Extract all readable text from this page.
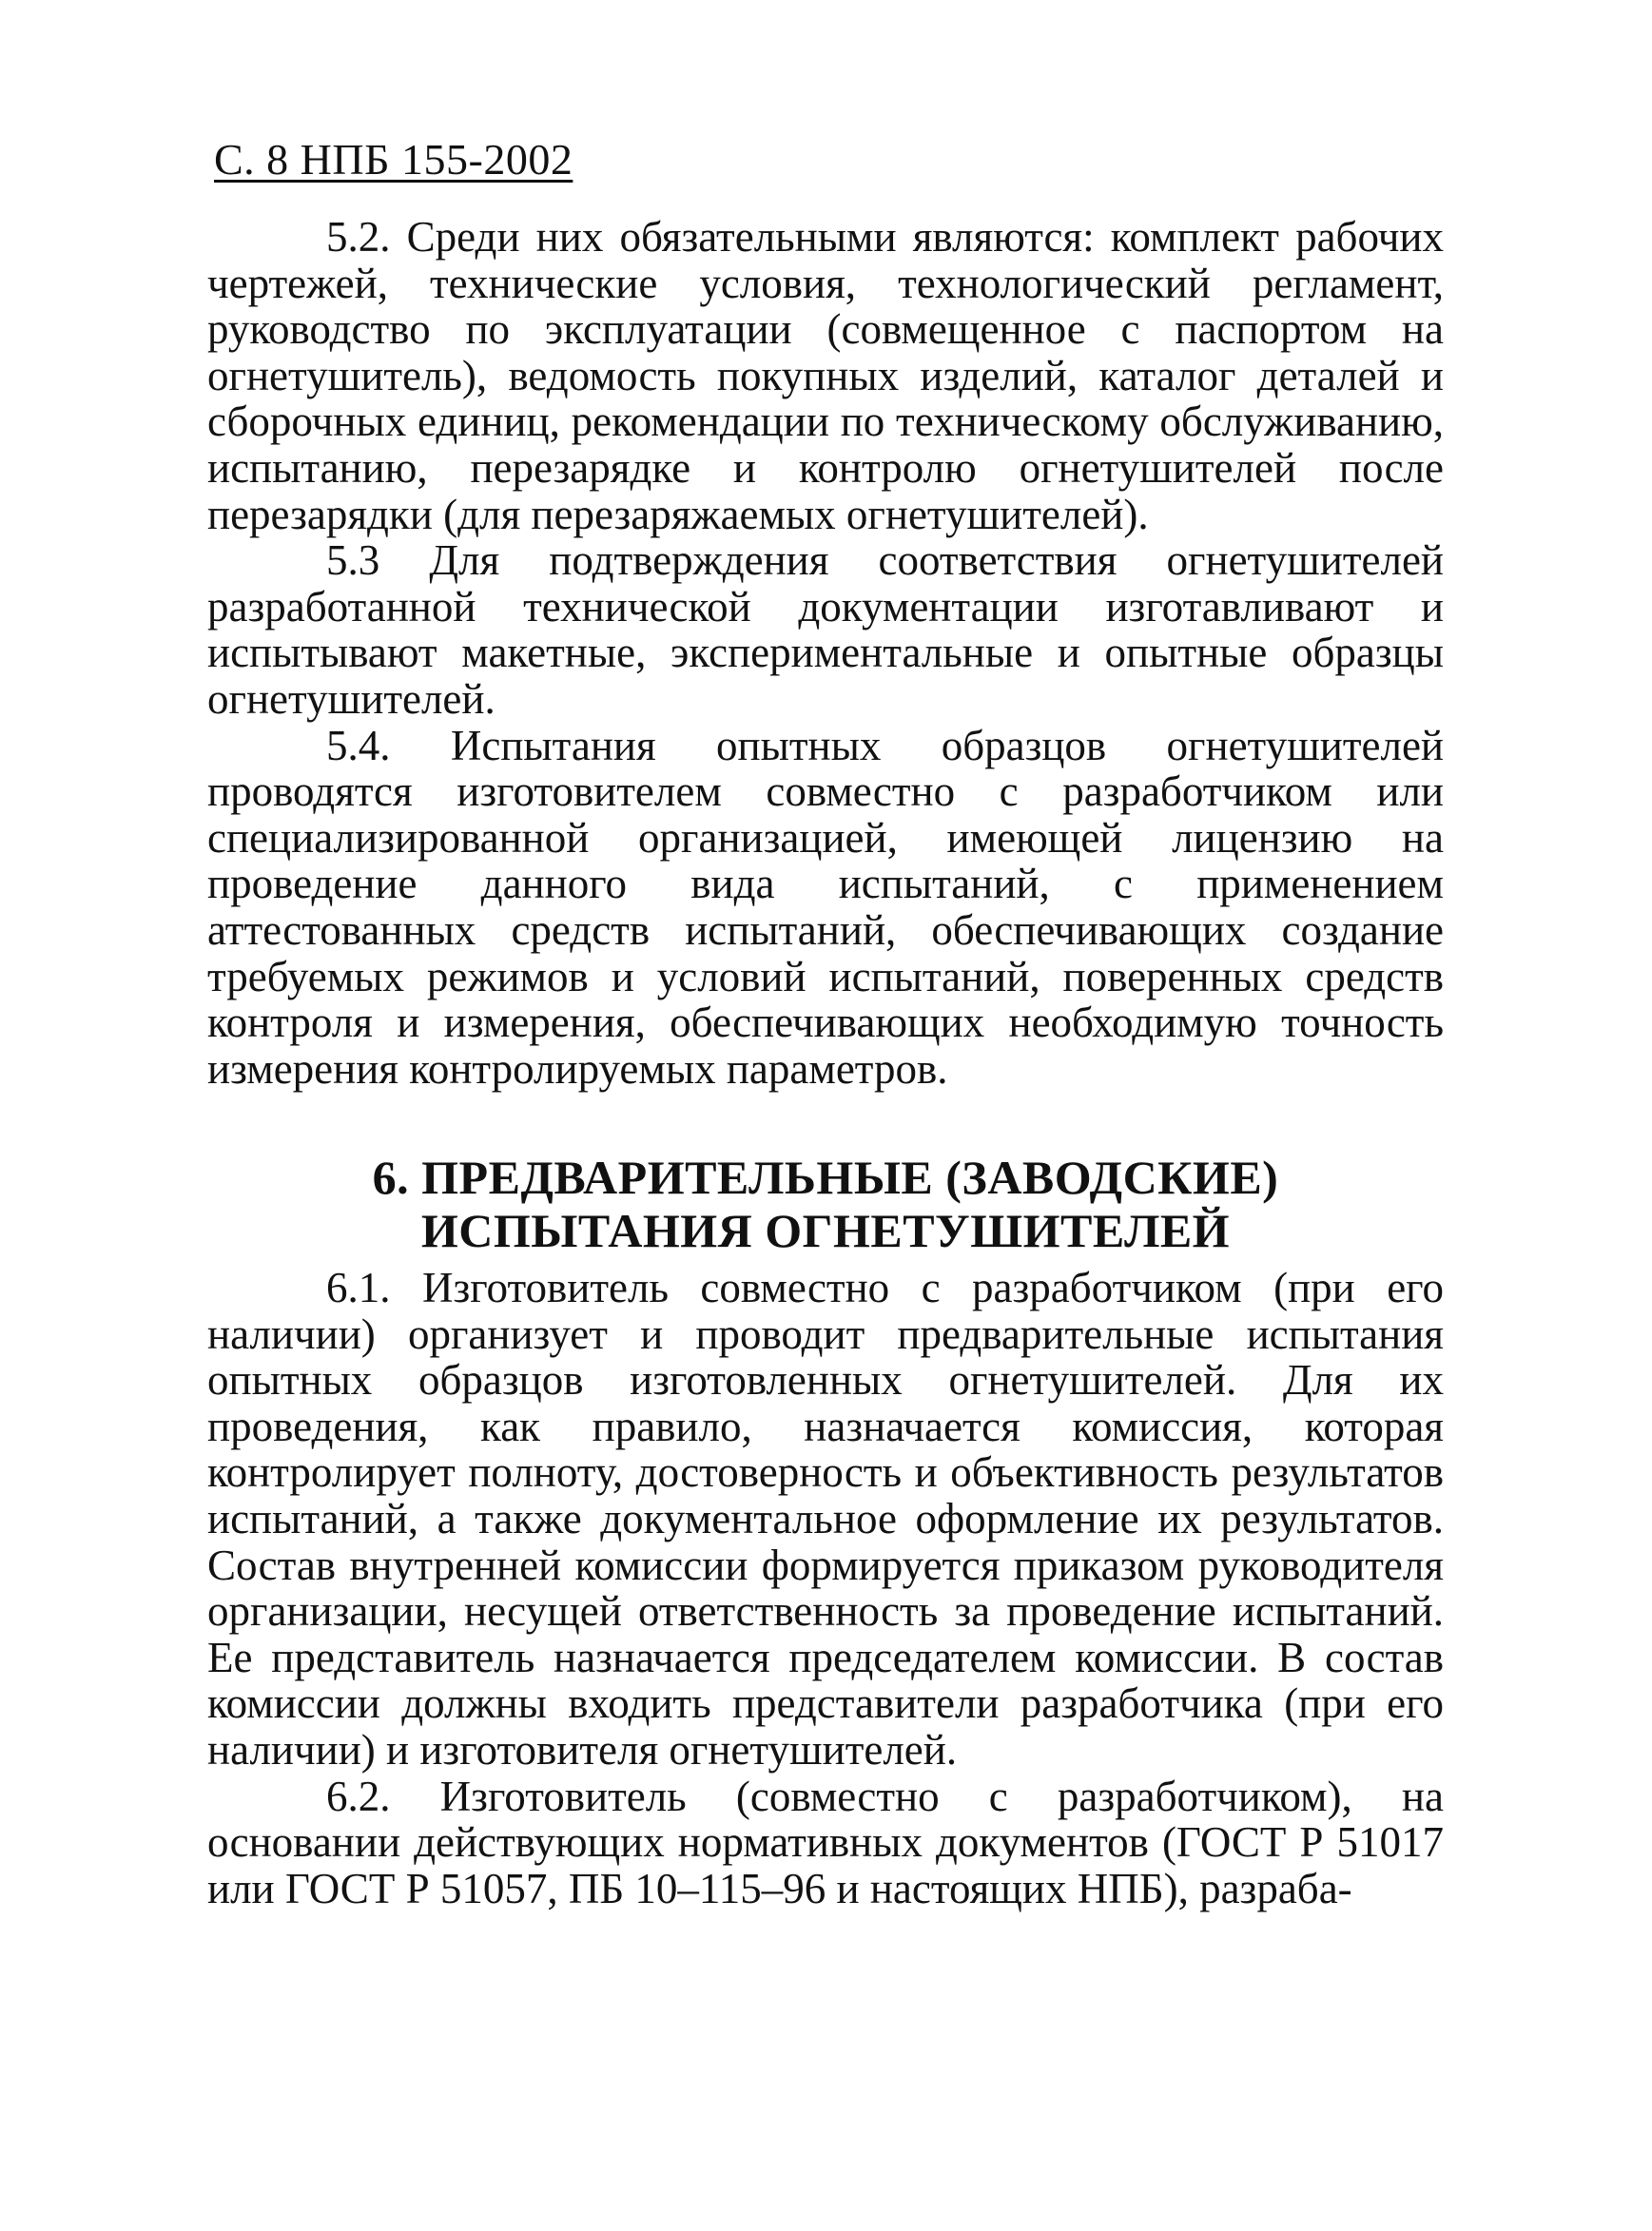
С. 8 НПБ 155-2002

5.2. Среди них обязательными являются: комплект рабочих чертежей, технические условия, технологический регламент, руководство по эксплуатации (совмещенное с паспортом на огнетушитель), ведомость покупных изделий, каталог деталей и сборочных единиц, рекомендации по техническому обслуживанию, испытанию, перезарядке и контролю огнетушителей после перезарядки (для перезаряжаемых огнетушителей).

5.3 Для подтверждения соответствия огнетушителей разработанной технической документации изготавливают и испытывают макетные, экспериментальные и опытные образцы огнетушителей.

5.4. Испытания опытных образцов огнетушителей проводятся изготовителем совместно с разработчиком или специализированной организацией, имеющей лицензию на проведение данного вида испытаний, с применением аттестованных средств испытаний, обеспечивающих создание требуемых режимов и условий испытаний, поверенных средств контроля и измерения, обеспечивающих необходимую точность измерения контролируемых параметров.

6. ПРЕДВАРИТЕЛЬНЫЕ (ЗАВОДСКИЕ)
ИСПЫТАНИЯ ОГНЕТУШИТЕЛЕЙ

6.1. Изготовитель совместно с разработчиком (при его наличии) организует и проводит предварительные испытания опытных образцов изготовленных огнетушителей. Для их проведения, как правило, назначается комиссия, которая контролирует полноту, достоверность и объективность результатов испытаний, а также документальное оформление их результатов. Состав внутренней комиссии формируется приказом руководителя организации, несущей ответственность за проведение испытаний. Ее представитель назначается председателем комиссии. В состав комиссии должны входить представители разработчика (при его наличии) и изготовителя огнетушителей.

6.2. Изготовитель (совместно с разработчиком), на основании действующих нормативных документов (ГОСТ Р 51017 или ГОСТ Р 51057, ПБ 10–115–96 и настоящих НПБ), разраба-
